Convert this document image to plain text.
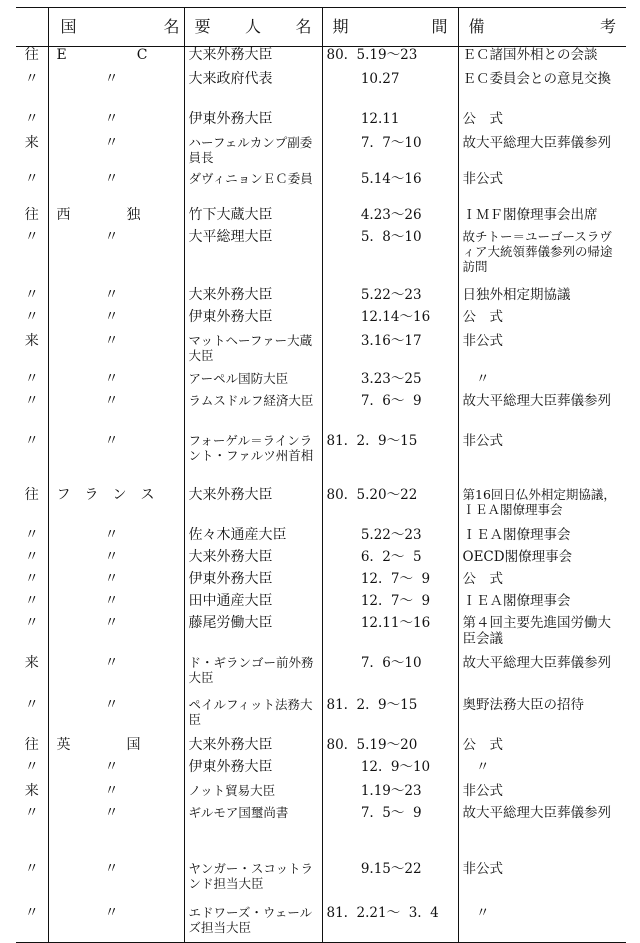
	国 名	要 人 名	期 間	備 考

往	E　　　　　C	大来外務大臣	80.  5.19〜23	ＥＣ諸国外相との会談
〃	〃	大来政府代表	10.27	ＥＣ委員会との意見交換
〃	〃	伊東外務大臣	12.11	公　式
来	〃	ハーフェルカンプ副委員長	7.  7〜10	故大平総理大臣葬儀参列
〃	〃	ダヴィニョンＥＣ委員	5.14〜16	非公式
往	西　　　　独	竹下大蔵大臣	4.23〜26	ＩＭＦ閣僚理事会出席
〃	〃	大平総理大臣	5.  8〜10	故チトー＝ユーゴースラヴィア大統領葬儀参列の帰途訪問
〃	〃	大来外務大臣	5.22〜23	日独外相定期協議
〃	〃	伊東外務大臣	12.14〜16	公　式
来	〃	マットヘーファー大蔵大臣	3.16〜17	非公式
〃	〃	アーペル国防大臣	3.23〜25	　〃
〃	〃	ラムスドルフ経済大臣	7.  6〜  9	故大平総理大臣葬儀参列
〃	〃	フォーゲル＝ラインラント・ファルツ州首相	81.  2.  9〜15	非公式
往	フ　ラ　ン　ス	大来外務大臣	80.  5.20〜22	第16回日仏外相定期協議，ＩＥＡ閣僚理事会
〃	〃	佐々木通産大臣	5.22〜23	ＩＥＡ閣僚理事会
〃	〃	大来外務大臣	6.  2〜  5	OECD閣僚理事会
〃	〃	伊東外務大臣	12.  7〜  9	公　式
〃	〃	田中通産大臣	12.  7〜  9	ＩＥＡ閣僚理事会
〃	〃	藤尾労働大臣	12.11〜16	第４回主要先進国労働大臣会議
来	〃	ド・ギランゴー前外務大臣	7.  6〜10	故大平総理大臣葬儀参列
〃	〃	ペイルフィット法務大臣	81.  2.  9〜15	奥野法務大臣の招待
往	英　　　　国	大来外務大臣	80.  5.19〜20	公　式
〃	〃	伊東外務大臣	12.  9〜10	　〃
来	〃	ノット貿易大臣	1.19〜23	非公式
〃	〃	ギルモア国璽尚書	7.  5〜  9	故大平総理大臣葬儀参列
〃	〃	ヤンガー・スコットランド担当大臣	9.15〜22	非公式
〃	〃	エドワーズ・ウェールズ担当大臣	81.  2.21〜  3.  4	　〃
